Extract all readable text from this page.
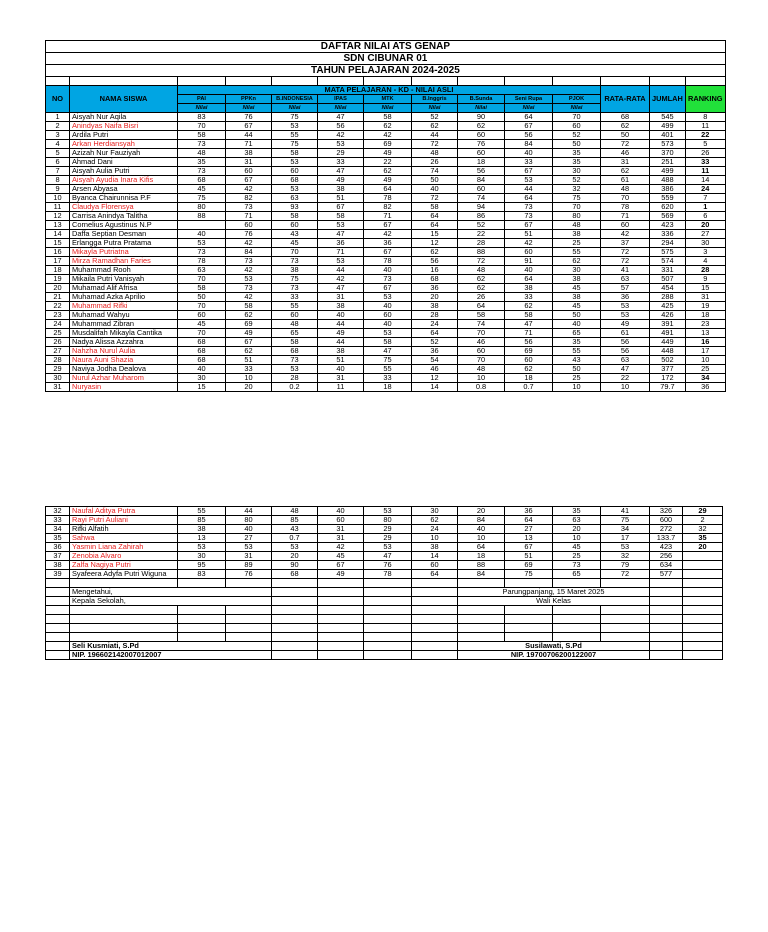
DAFTAR NILAI ATS GENAP													
SDN CIBUNAR 01													
TAHUN PELAJARAN 2024-2025													

NO	NAMA SISWA	MATA PELAJARAN - KD - NILAI ASLI									RATA-RATA	JUMLAH	RANKING
		PAI	PPKn	B.INDONESIA	IPAS	MTK	B.Inggris	B.Sunda	Seni Rupa	PJOK			
		Nilai	Nilai	Nilai	Nilai	Nilai	Nilai	Nilai	Nilai	Nilai			
1	Aisyah Nur Aqila	83	76	75	47	58	52	90	64	70	68	545	8
2	Anindyas Naifa Bisri	70	67	53	56	62	62	62	67	60	62	499	11
3	Ardila Putri	58	44	55	42	42	44	60	56	52	50	401	22
4	Arkan Herdiansyah	73	71	75	53	69	72	76	84	50	72	573	5
5	Azizah Nur Fauziyah	48	38	58	29	49	48	60	40	35	46	370	26
6	Ahmad Dani	35	31	53	33	22	26	18	33	35	31	251	33
7	Aisyah Aulia Putri	73	60	60	47	62	74	56	67	30	62	499	11
8	Aisyah Ayudia Inara Kifis	68	67	68	49	49	50	84	53	52	61	488	14
9	Arsen Abyasa	45	42	53	38	64	40	60	44	32	48	386	24
10	Byanca Chairunnisa P.F	75	82	63	51	78	72	74	64	75	70	559	7
11	Claudya Florensya	80	73	93	67	82	58	94	73	70	78	620	1
12	Carrisa Anindya Talitha	88	71	58	58	71	64	86	73	80	71	569	6
13	Cornelius Agustinus N.P		60	60	53	67	64	52	67	48	60	423	20
14	Daffa Septian Desman	40	76	43	47	42	15	22	51	38	42	336	27
15	Erlangga Putra Pratama	53	42	45	36	36	12	28	42	25	37	294	30
16	Mikayla Putriatna	73	84	70	71	67	62	88	60	55	72	575	3
17	Mirza Ramadhan Faries	78	73	73	53	78	56	72	91	62	72	574	4
18	Muhammad Rooh	63	42	38	44	40	16	48	40	30	41	331	28
19	Mikaila Putri Vanisyah	70	53	75	42	73	68	62	64	38	63	507	9
20	Muhamad Alif Afrisa	58	73	73	47	67	36	62	38	45	57	454	15
21	Muhamad Azka Aprilio	50	42	33	31	53	20	26	33	38	36	288	31
22	Muhammad Rifki	70	58	55	38	40	38	64	62	45	53	425	19
23	Muhamad Wahyu	60	62	60	40	60	28	58	58	50	53	426	18
24	Muhammad Zibran	45	69	48	44	40	24	74	47	40	49	391	23
25	Musdalifah Mikayla Cantika	70	49	65	49	53	64	70	71	65	61	491	13
26	Nadya Alissa Azzahra	68	67	58	44	58	52	46	56	35	56	449	16
27	Nahzha Nurul Aulia	68	62	68	38	47	36	60	69	55	56	448	17
28	Naura Auni Shazia	68	51	73	51	75	54	70	60	43	63	502	10
29	Naviya Jodha Dealova	40	33	53	40	55	46	48	62	50	47	377	25
30	Nurul Azhar Muharom	30	10	28	31	33	12	10	18	25	22	172	34
31	Nuryasin	15	20	0.2	11	18	14	0.8	0.7	10	10	79.7	36
32	Naufal Aditya Putra	55	44	48	40	53	30	20	36	35	41	326	29
33	Rayi Putri Auliani	85	80	85	60	80	62	84	64	63	75	600	2
34	Rifki Alfatih	38	40	43	31	29	24	40	27	20	34	272	32
35	Sahwa	13	27	0.7	31	29	10	10	13	10	17	133.7	35
36	Yasmin Liana Zahirah	53	53	53	42	53	38	64	67	45	53	423	20
37	Zenobia Alvaro	30	31	20	45	47	14	18	51	25	32	256	
38	Zalfa Nagiya Putri	95	89	90	67	76	60	88	69	73	79	634	
39	Syafeera Adyfa Putri Wiguna	83	76	68	49	78	64	84	75	65	72	577	

	Mengetahui,							Parungpanjang, 15 Maret 2025					
	Kepala Sekolah,							Wali Kelas					

	Seli Kusmiati, S.Pd							Susilawati, S.Pd					
	NIP. 196602142007012007							NIP. 19700706200122007					
